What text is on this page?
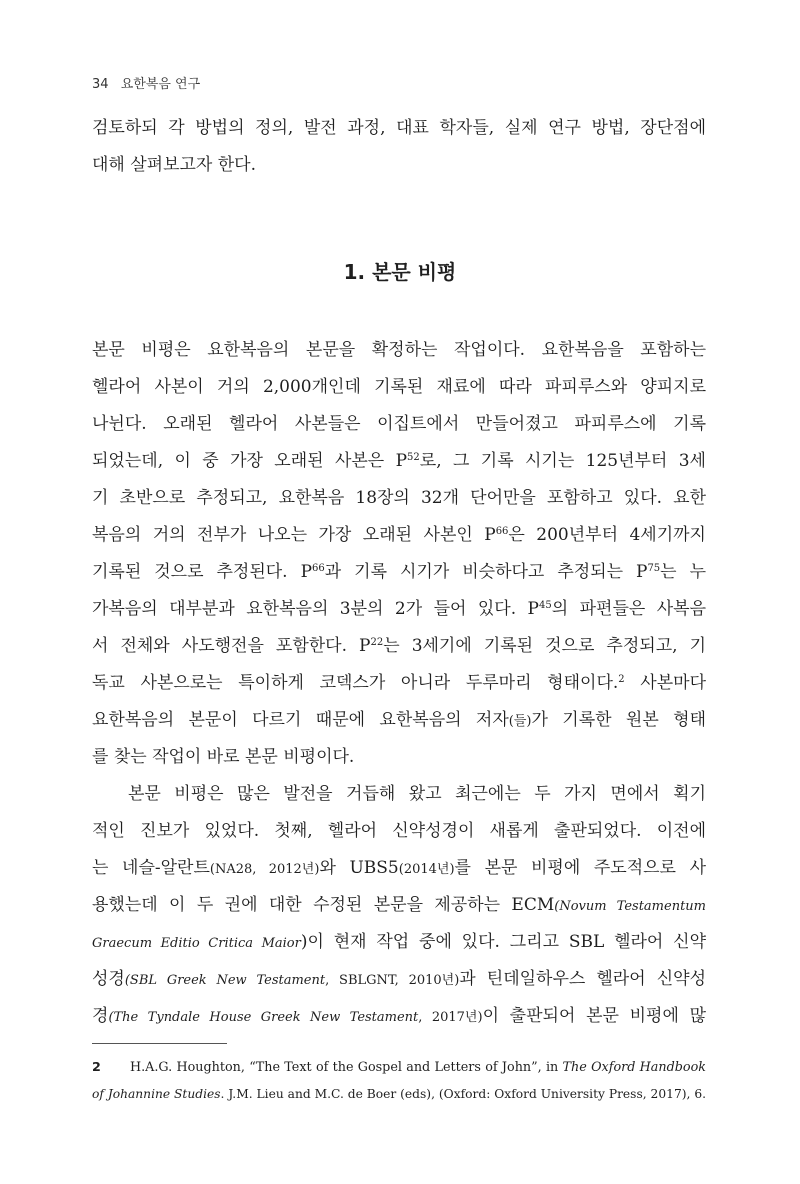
34 요한복음 연구
검토하되 각 방법의 정의, 발전 과정, 대표 학자들, 실제 연구 방법, 장단점에
대해 살펴보고자 한다.
1. 본문 비평
본문 비평은 요한복음의 본문을 확정하는 작업이다. 요한복음을 포함하는
헬라어 사본이 거의 2,000개인데 기록된 재료에 따라 파피루스와 양피지로
나뉜다. 오래된 헬라어 사본들은 이집트에서 만들어졌고 파피루스에 기록
되었는데, 이 중 가장 오래된 사본은 $P^{52}$로, 그 기록 시기는 125년부터 3세
기 초반으로 추정되고, 요한복음 18장의 32개 단어만을 포함하고 있다. 요한
복음의 거의 전부가 나오는 가장 오래된 사본인 $P^{66}$은 200년부터 4세기까지
기록된 것으로 추정된다. $P^{66}$과 기록 시기가 비슷하다고 추정되는 $P^{75}$는 누
가복음의 대부분과 요한복음의 3분의 2가 들어 있다. $P^{45}$의 파편들은 사복음
서 전체와 사도행전을 포함한다. $P^{22}$는 3세기에 기록된 것으로 추정되고, 기
독교 사본으로는 특이하게 코덱스가 아니라 두루마리 형태이다.$^2$ 사본마다
요한복음의 본문이 다르기 때문에 요한복음의 저자(들)가 기록한 원본 형태
를 찾는 작업이 바로 본문 비평이다.
본문 비평은 많은 발전을 거듭해 왔고 최근에는 두 가지 면에서 획기
적인 진보가 있었다. 첫째, 헬라어 신약성경이 새롭게 출판되었다. 이전에
는 네슬-알란트(NA28, 2012년)와 UBS5(2014년)를 본문 비평에 주도적으로 사
용했는데 이 두 권에 대한 수정된 본문을 제공하는 ECM(Novum Testamentum
Graecum Editio Critica Maior)이 현재 작업 중에 있다. 그리고 SBL 헬라어 신약
성경(SBL Greek New Testament, SBLGNT, 2010년)과 틴데일하우스 헬라어 신약성
경(The Tyndale House Greek New Testament, 2017년)이 출판되어 본문 비평에 많
2 H.A.G. Houghton, “The Text of the Gospel and Letters of John”, in The Oxford Handbook
of Johannine Studies. J.M. Lieu and M.C. de Boer (eds), (Oxford: Oxford University Press, 2017), 6.
